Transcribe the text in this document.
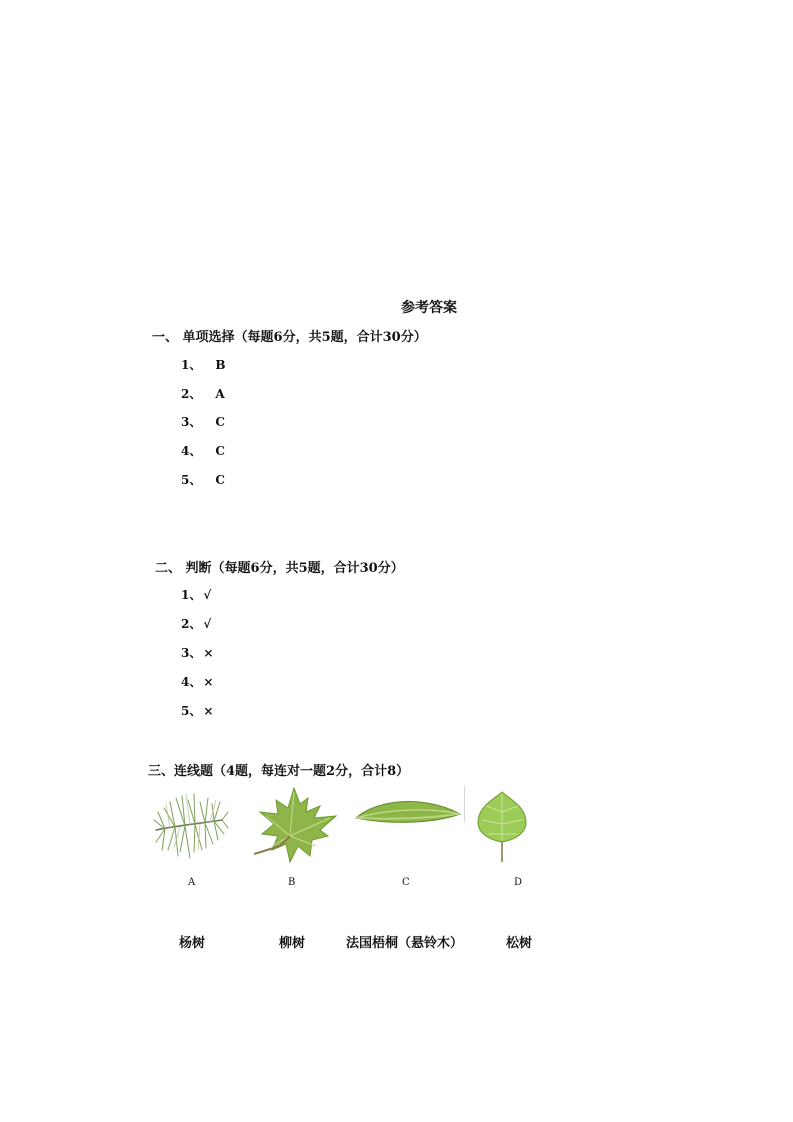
参考答案
一、 单项选择（每题6分，共5题，合计30分）
1、 B
2、 A
3、 C
4、 C
5、 C
二、 判断（每题6分，共5题，合计30分）
1、 √
2、 √
3、 ×
4、 ×
5、 ×
三、连线题（4题，每连对一题2分，合计8）
A	B	C	D
杨树	柳树	法国梧桐（悬铃木）	松树
